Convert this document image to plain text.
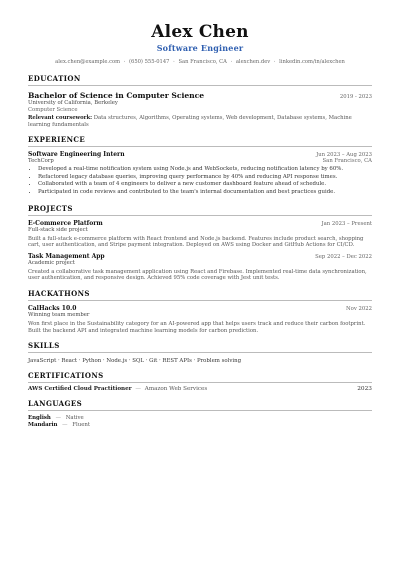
Alex Chen
Software Engineer
alex.chen@example.com · (650) 555-0147 · San Francisco, CA · alexchen.dev · linkedin.com/in/alexchen
EDUCATION
Bachelor of Science in Computer Science	2019 - 2023
University of California, Berkeley
Computer Science
Relevant coursework: Data structures, Algorithms, Operating systems, Web development, Database systems, Machine learning fundamentals
EXPERIENCE
Software Engineering Intern	Jun 2023 – Aug 2023
TechCorp	San Francisco, CA
• Developed a real-time notification system using Node.js and WebSockets, reducing notification latency by 60%.
• Refactored legacy database queries, improving query performance by 40% and reducing API response times.
• Collaborated with a team of 4 engineers to deliver a new customer dashboard feature ahead of schedule.
• Participated in code reviews and contributed to the team's internal documentation and best practices guide.
PROJECTS
E-Commerce Platform	Jan 2023 – Present
Full-stack side project
Built a full-stack e-commerce platform with React frontend and Node.js backend. Features include product search, shopping cart, user authentication, and Stripe payment integration. Deployed on AWS using Docker and GitHub Actions for CI/CD.
Task Management App	Sep 2022 – Dec 2022
Academic project
Created a collaborative task management application using React and Firebase. Implemented real-time data synchronization, user authentication, and responsive design. Achieved 95% code coverage with Jest unit tests.
HACKATHONS
CalHacks 10.0	Nov 2022
Winning team member
Won first place in the Sustainability category for an AI-powered app that helps users track and reduce their carbon footprint. Built the backend API and integrated machine learning models for carbon prediction.
SKILLS
JavaScript · React · Python · Node.js · SQL · Git · REST APIs · Problem solving
CERTIFICATIONS
AWS Certified Cloud Practitioner — Amazon Web Services	2023
LANGUAGES
English — Native
Mandarin — Fluent
